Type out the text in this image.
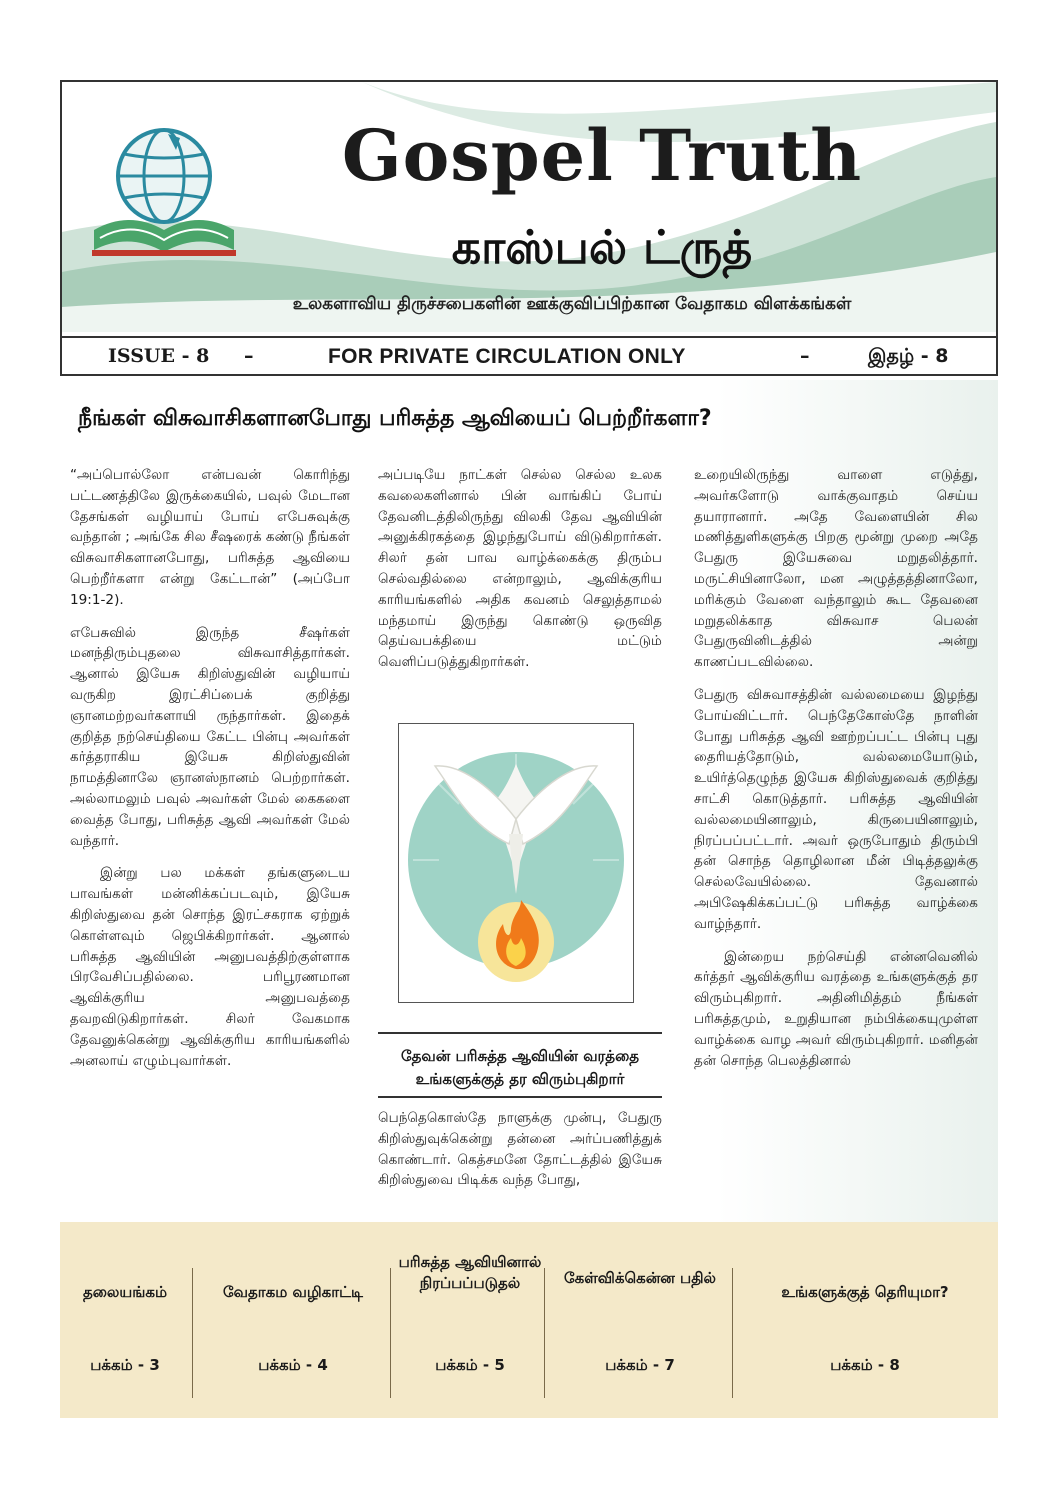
Gospel Truth
காஸ்பல் ட்ருத்
உலகளாவிய திருச்சபைகளின் ஊக்குவிப்பிற்கான வேதாகம விளக்கங்கள்
ISSUE - 8 –	FOR PRIVATE CIRCULATION ONLY	–	இதழ் - 8
நீங்கள் விசுவாசிகளானபோது பரிசுத்த ஆவியைப் பெற்றீர்களா?

“அப்பொல்லோ என்பவன் கொரிந்து பட்டணத்திலே இருக்கையில், பவுல் மேடான தேசங்கள் வழியாய் போய் எபேசுவுக்கு வந்தான் ; அங்கே சில சீஷரைக் கண்டு நீங்கள் விசுவாசிகளானபோது, பரிசுத்த ஆவியை பெற்றீர்களா என்று கேட்டான்” (அப்போ 19:1-2).

எபேசுவில் இருந்த சீஷர்கள் மனந்திரும்புதலை விசுவாசித்தார்கள். ஆனால் இயேசு கிறிஸ்துவின் வழியாய் வருகிற இரட்சிப்பைக் குறித்து ஞானமற்றவர்களாயி ருந்தார்கள். இதைக் குறித்த நற்செய்தியை கேட்ட பின்பு அவர்கள் கர்த்தராகிய இயேசு கிறிஸ்துவின் நாமத்தினாலே ஞானஸ்நானம் பெற்றார்கள். அல்லாமலும் பவுல் அவர்கள் மேல் கைகளை வைத்த போது, பரிசுத்த ஆவி அவர்கள் மேல் வந்தார்.

இன்று பல மக்கள் தங்களுடைய பாவங்கள் மன்னிக்கப்படவும், இயேசு கிறிஸ்துவை தன் சொந்த இரட்சகராக ஏற்றுக் கொள்ளவும் ஜெபிக்கிறார்கள். ஆனால் பரிசுத்த ஆவியின் அனுபவத்திற்குள்ளாக பிரவேசிப்பதில்லை. பரிபூரணமான ஆவிக்குரிய அனுபவத்தை தவறவிடுகிறார்கள். சிலர் வேகமாக தேவனுக்கென்று ஆவிக்குரிய காரியங்களில் அனலாய் எழும்புவார்கள்.

அப்படியே நாட்கள் செல்ல செல்ல உலக கவலைகளினால் பின் வாங்கிப் போய் தேவனிடத்திலிருந்து விலகி தேவ ஆவியின் அனுக்கிரகத்தை இழந்துபோய் விடுகிறார்கள். சிலர் தன் பாவ வாழ்க்கைக்கு திரும்ப செல்வதில்லை என்றாலும், ஆவிக்குரிய காரியங்களில் அதிக கவனம் செலுத்தாமல் மந்தமாய் இருந்து கொண்டு ஒருவித தெய்வபக்தியை மட்டும் வெளிப்படுத்துகிறார்கள்.

தேவன் பரிசுத்த ஆவியின் வரத்தை
உங்களுக்குத் தர விரும்புகிறார்

பெந்தெகொஸ்தே நாளுக்கு முன்பு, பேதுரு கிறிஸ்துவுக்கென்று தன்னை அர்ப்பணித்துக் கொண்டார். கெத்சமனே தோட்டத்தில் இயேசு கிறிஸ்துவை பிடிக்க வந்த போது,

உறையிலிருந்து வாளை எடுத்து, அவர்களோடு வாக்குவாதம் செய்ய தயாரானார். அதே வேளையின் சில மணித்துளிகளுக்கு பிறகு மூன்று முறை அதே பேதுரு இயேசுவை மறுதலித்தார். மருட்சியினாலோ, மன அழுத்தத்தினாலோ, மரிக்கும் வேளை வந்தாலும் கூட தேவனை மறுதலிக்காத விசுவாச பெலன் பேதுருவினிடத்தில் அன்று காணப்படவில்லை.

பேதுரு விசுவாசத்தின் வல்லமையை இழந்து போய்விட்டார். பெந்தேகோஸ்தே நாளின் போது பரிசுத்த ஆவி ஊற்றப்பட்ட பின்பு புது தைரியத்தோடும், வல்லமையோடும், உயிர்த்தெழுந்த இயேசு கிறிஸ்துவைக் குறித்து சாட்சி கொடுத்தார். பரிசுத்த ஆவியின் வல்லமையினாலும், கிருபையினாலும், நிரப்பப்பட்டார். அவர் ஒருபோதும் திரும்பி தன் சொந்த தொழிலான மீன் பிடித்தலுக்கு செல்லவேயில்லை. தேவனால் அபிஷேகிக்கப்பட்டு பரிசுத்த வாழ்க்கை வாழ்ந்தார்.

இன்றைய நற்செய்தி என்னவெனில் கர்த்தர் ஆவிக்குரிய வரத்தை உங்களுக்குத் தர விரும்புகிறார். அதினிமித்தம் நீங்கள் பரிசுத்தமும், உறுதியான நம்பிக்கையுமுள்ள வாழ்க்கை வாழ அவர் விரும்புகிறார். மனிதன் தன் சொந்த பெலத்தினால்

தலையங்கம்
பக்கம் - 3
வேதாகம வழிகாட்டி
பக்கம் - 4
பரிசுத்த ஆவியினால் நிரப்பப்படுதல்
பக்கம் - 5
கேள்விக்கென்ன பதில்
பக்கம் - 7
உங்களுக்குத் தெரியுமா?
பக்கம் - 8
